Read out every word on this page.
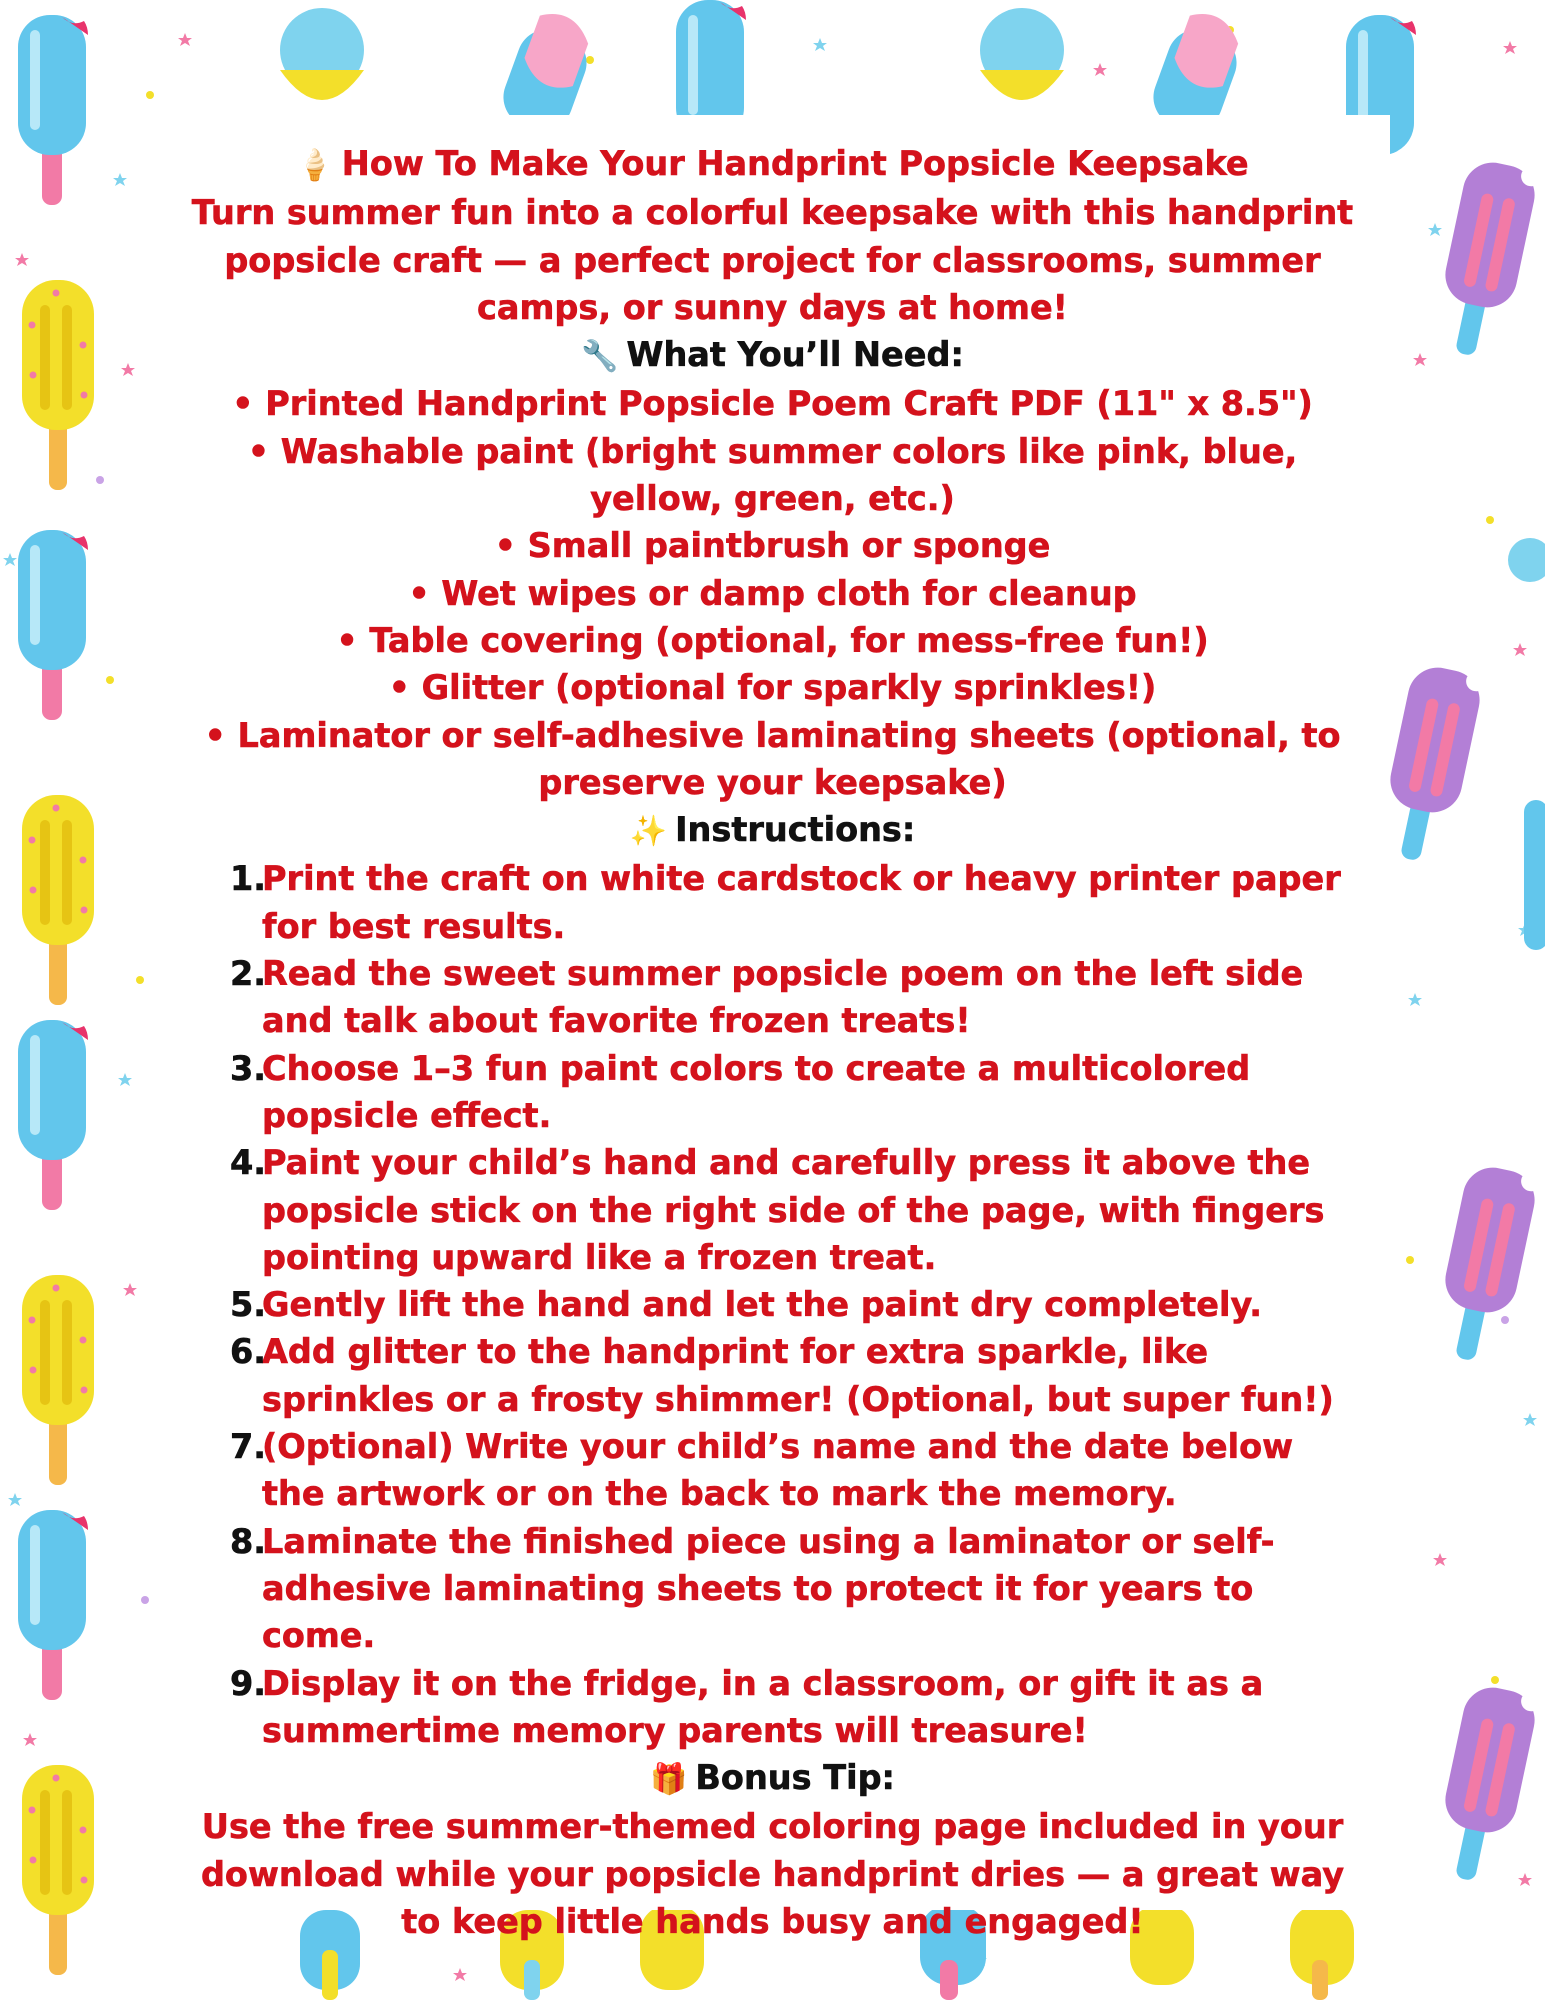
🍦 How To Make Your Handprint Popsicle Keepsake

Turn summer fun into a colorful keepsake with this handprint popsicle craft — a perfect project for classrooms, summer camps, or sunny days at home!

🔧 What You’ll Need:

• Printed Handprint Popsicle Poem Craft PDF (11" x 8.5")

• Washable paint (bright summer colors like pink, blue, yellow, green, etc.)

• Small paintbrush or sponge

• Wet wipes or damp cloth for cleanup

• Table covering (optional, for mess-free fun!)

• Glitter (optional for sparkly sprinkles!)

• Laminator or self-adhesive laminating sheets (optional, to preserve your keepsake)

✨ Instructions:

1.
Print the craft on white cardstock or heavy printer paper for best results.
2.
Read the sweet summer popsicle poem on the left side and talk about favorite frozen treats!
3.
Choose 1–3 fun paint colors to create a multicolored popsicle effect.
4.
Paint your child’s hand and carefully press it above the popsicle stick on the right side of the page, with fingers pointing upward like a frozen treat.
5.
Gently lift the hand and let the paint dry completely.
6.
Add glitter to the handprint for extra sparkle, like sprinkles or a frosty shimmer! (Optional, but super fun!)
7.
(Optional) Write your child’s name and the date below the artwork or on the back to mark the memory.
8.
Laminate the finished piece using a laminator or self-adhesive laminating sheets to protect it for years to come.
9.
Display it on the fridge, in a classroom, or gift it as a summertime memory parents will treasure!

🎁 Bonus Tip:

Use the free summer-themed coloring page included in your download while your popsicle handprint dries — a great way to keep little hands busy and engaged!
